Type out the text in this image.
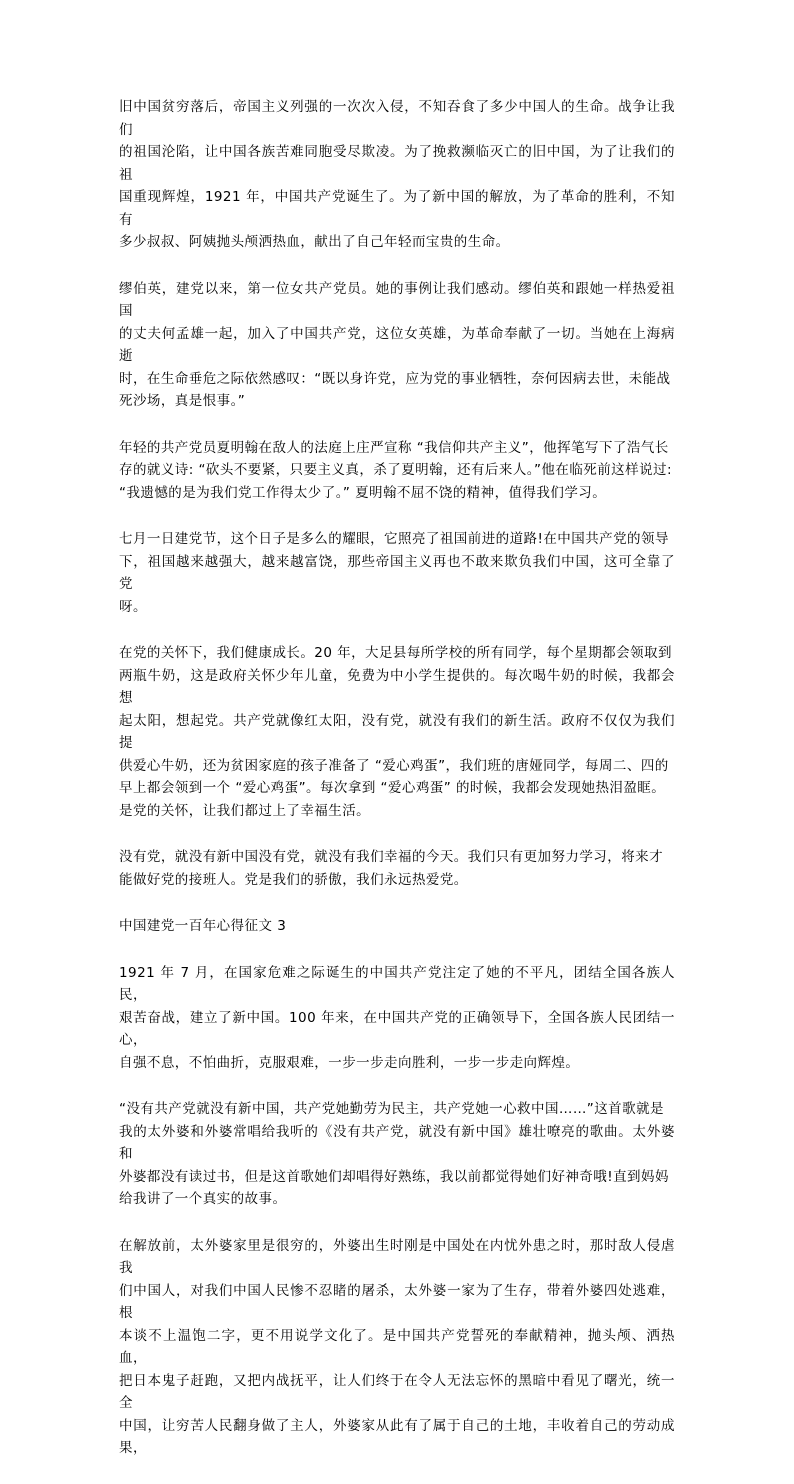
旧中国贫穷落后，帝国主义列强的一次次入侵，不知吞食了多少中国人的生命。战争让我们
的祖国沦陷，让中国各族苦难同胞受尽欺凌。为了挽救濒临灭亡的旧中国，为了让我们的祖
国重现辉煌，1921 年，中国共产党诞生了。为了新中国的解放，为了革命的胜利，不知有
多少叔叔、阿姨抛头颅洒热血，献出了自己年轻而宝贵的生命。

缪伯英，建党以来，第一位女共产党员。她的事例让我们感动。缪伯英和跟她一样热爱祖国
的丈夫何孟雄一起，加入了中国共产党，这位女英雄，为革命奉献了一切。当她在上海病逝
时，在生命垂危之际依然感叹：“既以身许党，应为党的事业牺牲，奈何因病去世，未能战
死沙场，真是恨事。”

年轻的共产党员夏明翰在敌人的法庭上庄严宣称 “我信仰共产主义”，他挥笔写下了浩气长
存的就义诗: “砍头不要紧，只要主义真，杀了夏明翰，还有后来人。”他在临死前这样说过:
“我遗憾的是为我们党工作得太少了。” 夏明翰不屈不饶的精神，值得我们学习。

七月一日建党节，这个日子是多么的耀眼，它照亮了祖国前进的道路!在中国共产党的领导
下，祖国越来越强大，越来越富饶，那些帝国主义再也不敢来欺负我们中国，这可全靠了党
呀。

在党的关怀下，我们健康成长。20 年，大足县每所学校的所有同学，每个星期都会领取到
两瓶牛奶，这是政府关怀少年儿童，免费为中小学生提供的。每次喝牛奶的时候，我都会想
起太阳，想起党。共产党就像红太阳，没有党，就没有我们的新生活。政府不仅仅为我们提
供爱心牛奶，还为贫困家庭的孩子准备了 “爱心鸡蛋”，我们班的唐娅同学，每周二、四的
早上都会领到一个 “爱心鸡蛋”。每次拿到 “爱心鸡蛋” 的时候，我都会发现她热泪盈眶。
是党的关怀，让我们都过上了幸福生活。

没有党，就没有新中国没有党，就没有我们幸福的今天。我们只有更加努力学习，将来才
能做好党的接班人。党是我们的骄傲，我们永远热爱党。

中国建党一百年心得征文 3

1921 年 7 月，在国家危难之际诞生的中国共产党注定了她的不平凡，团结全国各族人民，
艰苦奋战，建立了新中国。100 年来，在中国共产党的正确领导下，全国各族人民团结一心，
自强不息，不怕曲折，克服艰难，一步一步走向胜利，一步一步走向辉煌。

“没有共产党就没有新中国，共产党她勤劳为民主，共产党她一心救中国……”这首歌就是
我的太外婆和外婆常唱给我听的《没有共产党，就没有新中国》雄壮嘹亮的歌曲。太外婆和
外婆都没有读过书，但是这首歌她们却唱得好熟练，我以前都觉得她们好神奇哦!直到妈妈
给我讲了一个真实的故事。

在解放前，太外婆家里是很穷的，外婆出生时刚是中国处在内忧外患之时，那时敌人侵虐我
们中国人，对我们中国人民惨不忍睹的屠杀，太外婆一家为了生存，带着外婆四处逃难，根
本谈不上温饱二字，更不用说学文化了。是中国共产党誓死的奉献精神，抛头颅、洒热血，
把日本鬼子赶跑，又把内战抚平，让人们终于在令人无法忘怀的黑暗中看见了曙光，统一全
中国，让穷苦人民翻身做了主人，外婆家从此有了属于自己的土地，丰收着自己的劳动成果，
